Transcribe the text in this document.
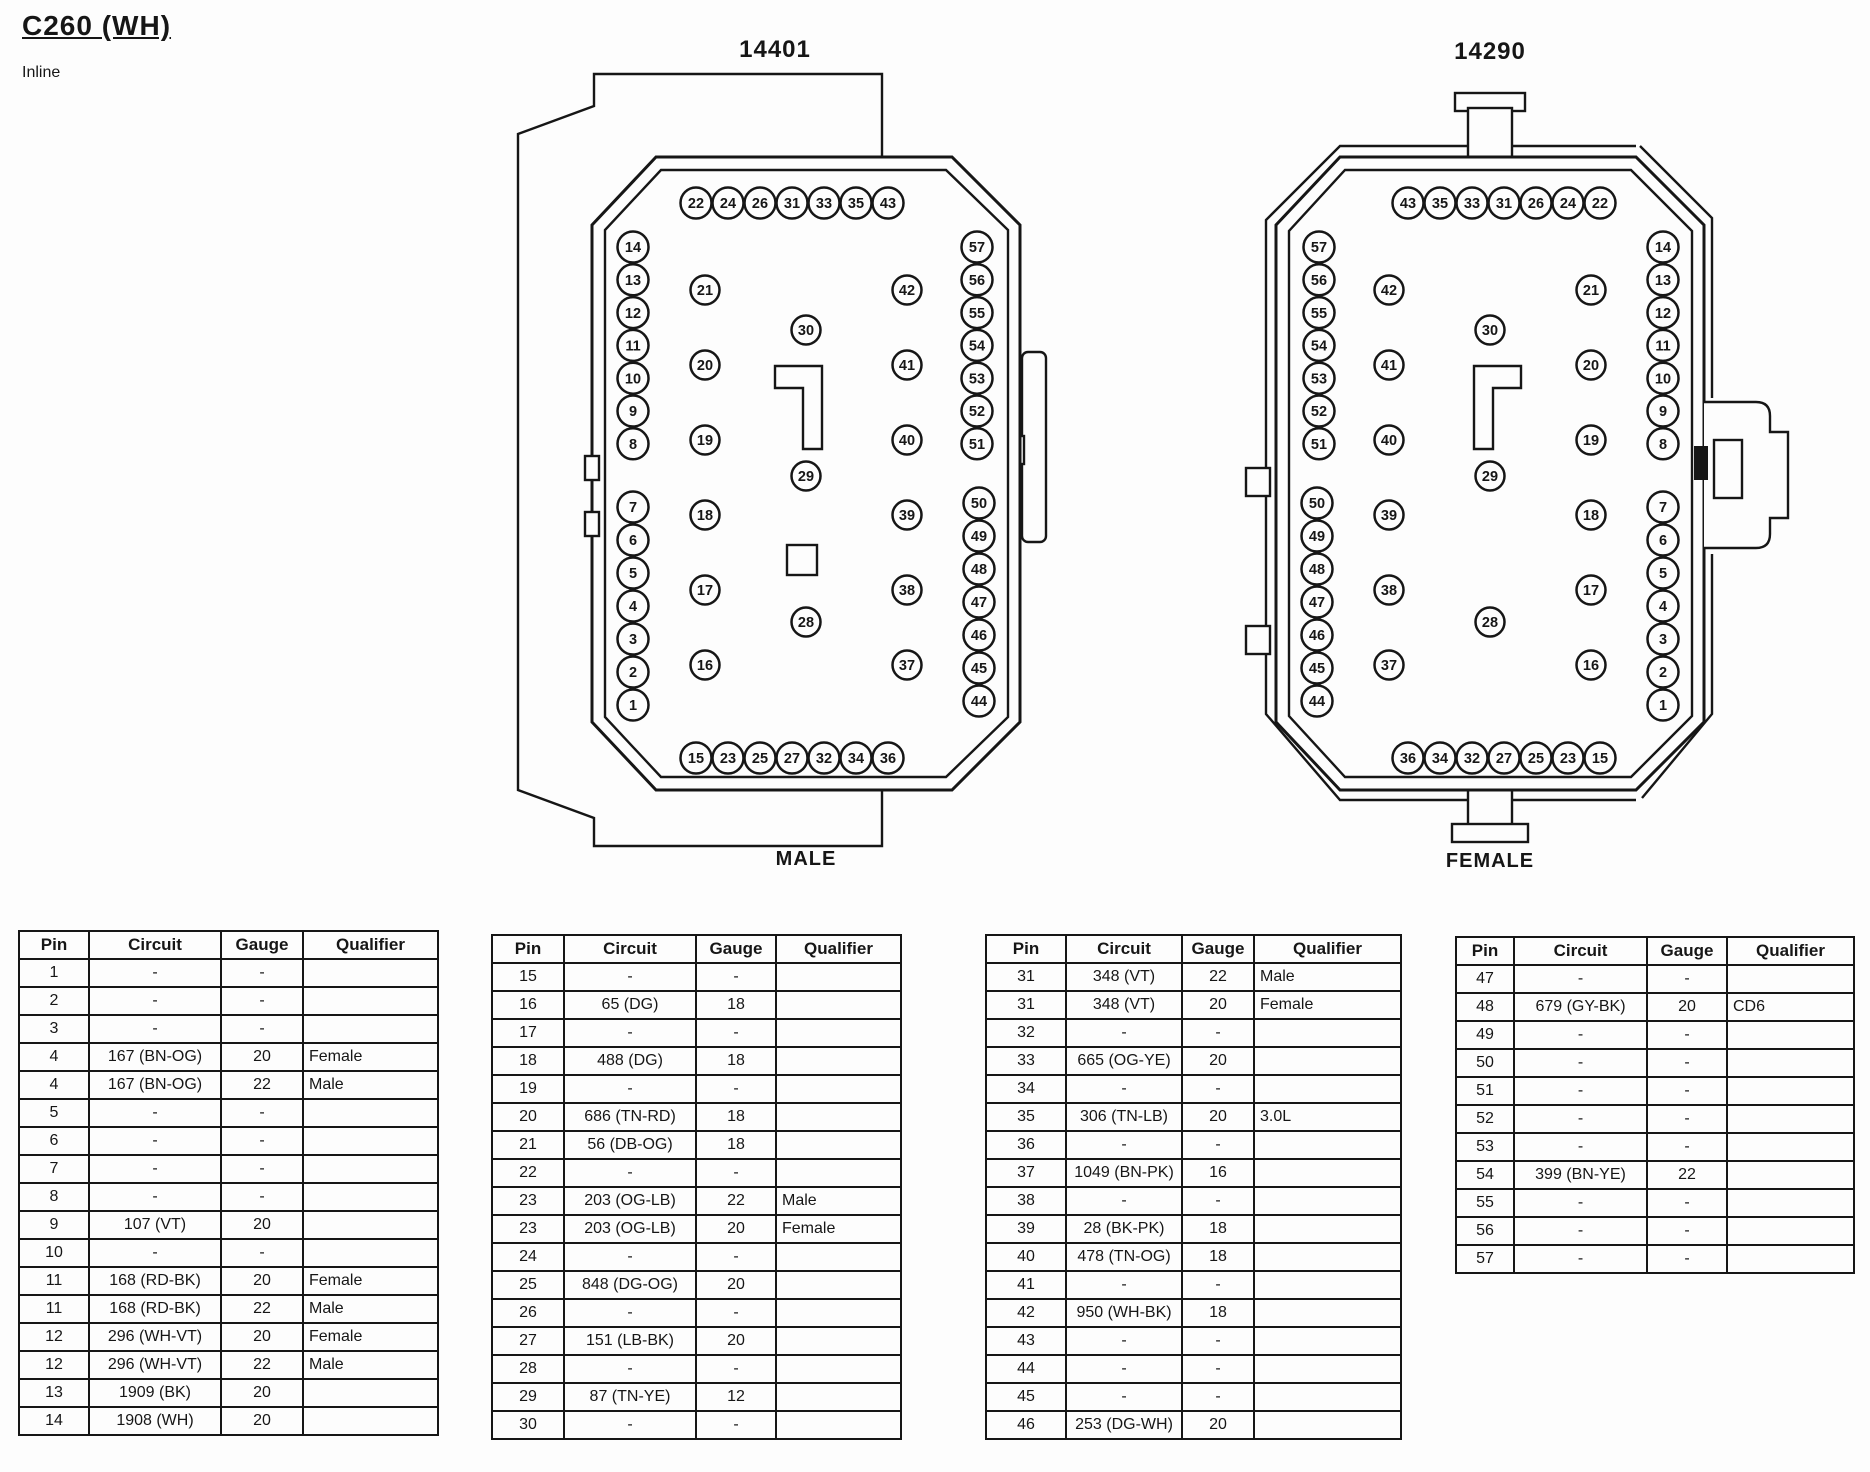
C260 (WH)
Inline
14401	14290
22 24 26 31 33 35 43
14
13
12
11
10
9
8
7
6
5
4
3
2
1
21
20
19
18
17
16
30
29
28
42
41
40
39
38
37
57
56
55
54
53
52
51
50
49
48
47
46
45
44
15 23 25 27 32 34 36
43 35 33 31 26 24 22
57
56
55
54
53
52
51
50
49
48
47
46
45
44
42
41
40
39
38
37
30
29
28
21
20
19
18
17
16
14
13
12
11
10
9
8
7
6
5
4
3
2
1
36 34 32 27 25 23 15
MALE	FEMALE
Pin	Circuit	Gauge	Qualifier
1	-	-	
2	-	-	
3	-	-	
4	167 (BN-OG)	20	Female
4	167 (BN-OG)	22	Male
5	-	-	
6	-	-	
7	-	-	
8	-	-	
9	107 (VT)	20	
10	-	-	
11	168 (RD-BK)	20	Female
11	168 (RD-BK)	22	Male
12	296 (WH-VT)	20	Female
12	296 (WH-VT)	22	Male
13	1909 (BK)	20	
14	1908 (WH)	20	
Pin	Circuit	Gauge	Qualifier
15	-	-	
16	65 (DG)	18	
17	-	-	
18	488 (DG)	18	
19	-	-	
20	686 (TN-RD)	18	
21	56 (DB-OG)	18	
22	-	-	
23	203 (OG-LB)	22	Male
23	203 (OG-LB)	20	Female
24	-	-	
25	848 (DG-OG)	20	
26	-	-	
27	151 (LB-BK)	20	
28	-	-	
29	87 (TN-YE)	12	
30	-	-	
Pin	Circuit	Gauge	Qualifier
31	348 (VT)	22	Male
31	348 (VT)	20	Female
32	-	-	
33	665 (OG-YE)	20	
34	-	-	
35	306 (TN-LB)	20	3.0L
36	-	-	
37	1049 (BN-PK)	16	
38	-	-	
39	28 (BK-PK)	18	
40	478 (TN-OG)	18	
41	-	-	
42	950 (WH-BK)	18	
43	-	-	
44	-	-	
45	-	-	
46	253 (DG-WH)	20	
Pin	Circuit	Gauge	Qualifier
47	-	-	
48	679 (GY-BK)	20	CD6
49	-	-	
50	-	-	
51	-	-	
52	-	-	
53	-	-	
54	399 (BN-YE)	22	
55	-	-	
56	-	-	
57	-	-	
